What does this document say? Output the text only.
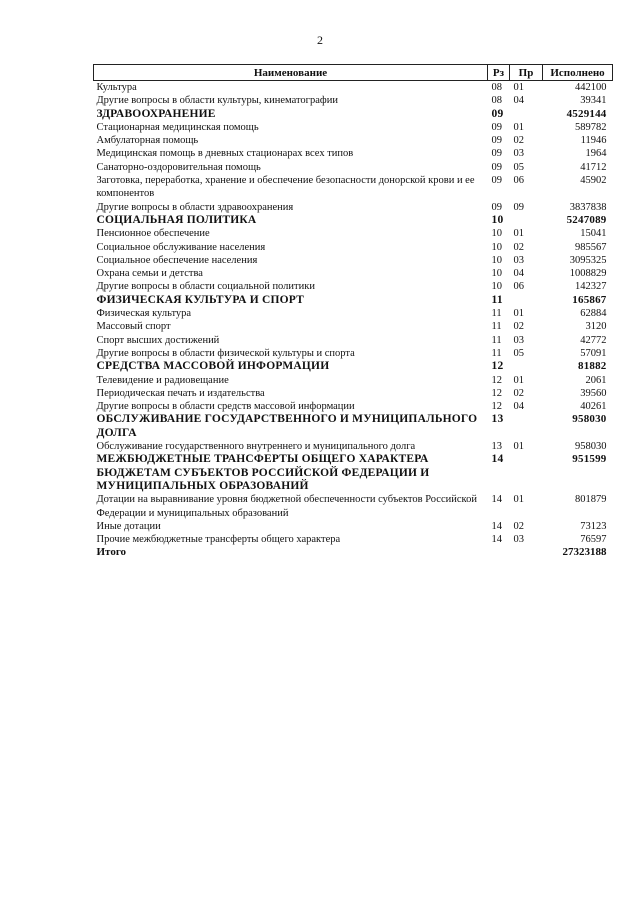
2
Наименование	Рз	Пр	Исполнено
Культура	08	01	442100
Другие вопросы в области культуры, кинематографии	08	04	39341
ЗДРАВООХРАНЕНИЕ	09		4529144
Стационарная медицинская помощь	09	01	589782
Амбулаторная помощь	09	02	11946
Медицинская помощь в дневных стационарах всех типов	09	03	1964
Санаторно-оздоровительная помощь	09	05	41712
Заготовка, переработка, хранение и обеспечение безопасности донорской крови и ее компонентов	09	06	45902
Другие вопросы в области здравоохранения	09	09	3837838
СОЦИАЛЬНАЯ ПОЛИТИКА	10		5247089
Пенсионное обеспечение	10	01	15041
Социальное обслуживание населения	10	02	985567
Социальное обеспечение населения	10	03	3095325
Охрана семьи и детства	10	04	1008829
Другие вопросы в области социальной политики	10	06	142327
ФИЗИЧЕСКАЯ КУЛЬТУРА И СПОРТ	11		165867
Физическая культура	11	01	62884
Массовый спорт	11	02	3120
Спорт высших достижений	11	03	42772
Другие вопросы в области физической культуры и спорта	11	05	57091
СРЕДСТВА МАССОВОЙ ИНФОРМАЦИИ	12		81882
Телевидение и радиовещание	12	01	2061
Периодическая печать и издательства	12	02	39560
Другие вопросы в области средств массовой информации	12	04	40261
ОБСЛУЖИВАНИЕ ГОСУДАРСТВЕННОГО И МУНИЦИПАЛЬНОГО ДОЛГА	13		958030
Обслуживание государственного внутреннего и муниципального долга	13	01	958030
МЕЖБЮДЖЕТНЫЕ ТРАНСФЕРТЫ ОБЩЕГО ХАРАКТЕРА БЮДЖЕТАМ СУБЪЕКТОВ РОССИЙСКОЙ ФЕДЕРАЦИИ И МУНИЦИПАЛЬНЫХ ОБРАЗОВАНИЙ	14		951599
Дотации на выравнивание уровня бюджетной обеспеченности субъектов Российской Федерации и муниципальных образований	14	01	801879
Иные дотации	14	02	73123
Прочие межбюджетные трансферты общего характера	14	03	76597
Итого			27323188
